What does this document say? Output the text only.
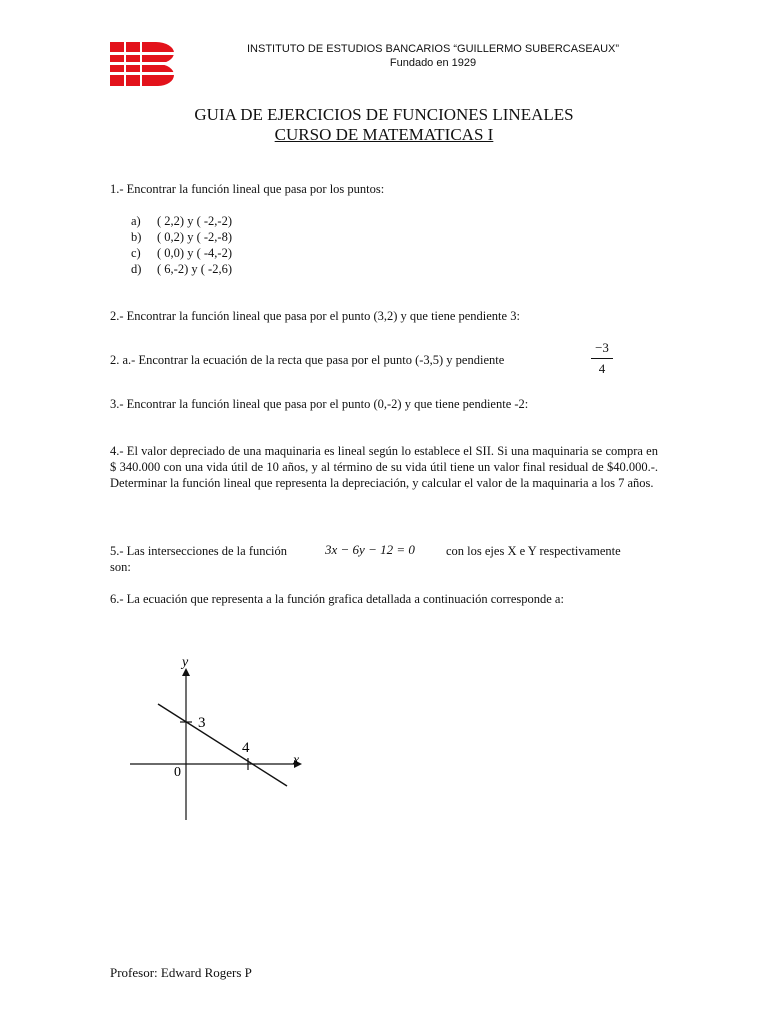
INSTITUTO DE ESTUDIOS BANCARIOS “GUILLERMO SUBERCASEAUX”
Fundado en 1929
GUIA DE EJERCICIOS DE FUNCIONES LINEALES
CURSO DE MATEMATICAS I
1.- Encontrar la función lineal que pasa por los puntos:
a) ( 2,2) y ( -2,-2)
b) ( 0,2) y ( -2,-8)
c) ( 0,0) y ( -4,-2)
d) ( 6,-2) y ( -2,6)
2.- Encontrar la función lineal que pasa por el punto (3,2) y que tiene pendiente 3:
2. a.- Encontrar la ecuación de la recta que pasa por el punto (-3,5) y pendiente
−3
4
3.- Encontrar la función lineal que pasa por el punto (0,-2) y que tiene pendiente -2:
4.- El valor depreciado de una maquinaria es lineal según lo establece el SII. Si una maquinaria se compra en $ 340.000 con una vida útil de 10 años, y al término de su vida útil tiene un valor final residual de $40.000.-. Determinar la función lineal que representa la depreciación, y calcular el valor de la maquinaria a los 7 años.
5.- Las intersecciones de la función	3x − 6y − 12 = 0 con los ejes X e Y respectivamente
son:
6.- La ecuación que representa a la función grafica detallada a continuación corresponde a:
y
x
0
3
4
Profesor: Edward Rogers P
